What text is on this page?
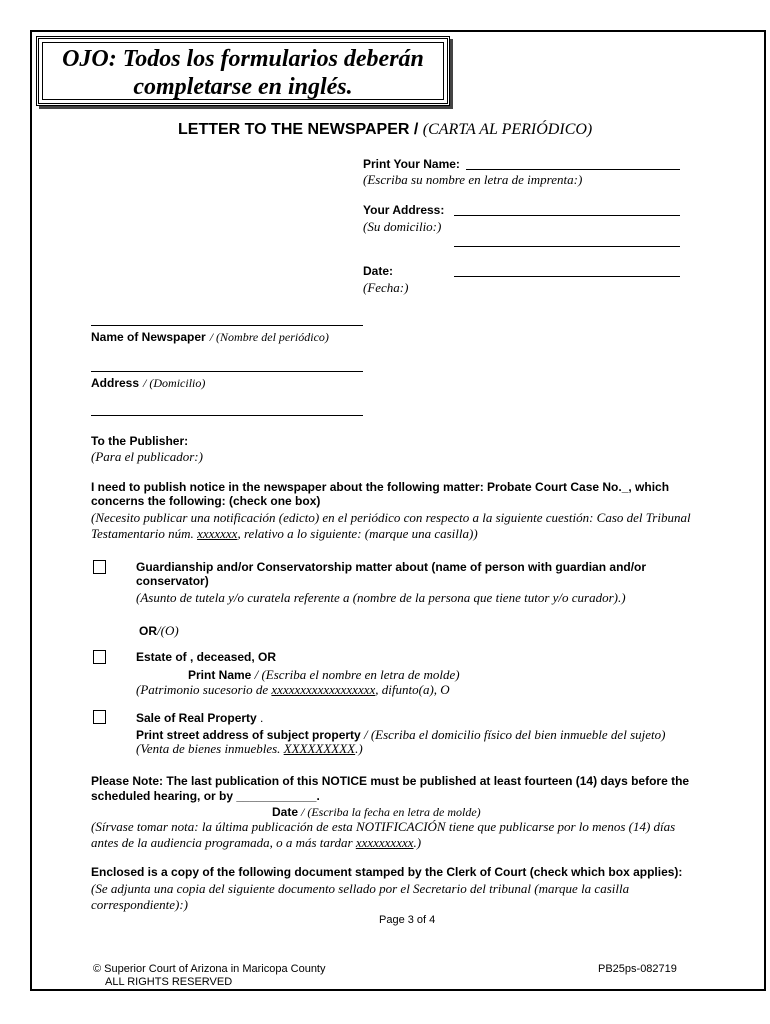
OJO: Todos los formularios deberán
completarse en inglés.
LETTER TO THE NEWSPAPER / (CARTA AL PERIÓDICO)
Print Your Name:
(Escriba su nombre en letra de imprenta:)
Your Address:
(Su domicilio:)
Date:
(Fecha:)
Name of Newspaper / (Nombre del periódico)
Address / (Domicilio)
To the Publisher:
(Para el publicador:)
I need to publish notice in the newspaper about the following matter: Probate Court Case No._, which
concerns the following: (check one box)
(Necesito publicar una notificación (edicto) en el periódico con respecto a la siguiente cuestión: Caso del Tribunal
Testamentario núm. xxxxxxx, relativo a lo siguiente: (marque una casilla))
Guardianship and/or Conservatorship matter about (name of person with guardian and/or
conservator)
(Asunto de tutela y/o curatela referente a (nombre de la persona que tiene tutor y/o curador).)
OR/(O)
Estate of , deceased, OR
Print Name / (Escriba el nombre en letra de molde)
(Patrimonio sucesorio de xxxxxxxxxxxxxxxxxx, difunto(a), O
Sale of Real Property .
Print street address of subject property / (Escriba el domicilio físico del bien inmueble del sujeto)
(Venta de bienes inmuebles. XXXXXXXXX.)
Please Note: The last publication of this NOTICE must be published at least fourteen (14) days before the
scheduled hearing, or by ____________.
Date / (Escriba la fecha en letra de molde)
(Sírvase tomar nota: la última publicación de esta NOTIFICACIÓN tiene que publicarse por lo menos (14) días
antes de la audiencia programada, o a más tardar xxxxxxxxxx.)
Enclosed is a copy of the following document stamped by the Clerk of Court (check which box applies):
(Se adjunta una copia del siguiente documento sellado por el Secretario del tribunal (marque la casilla
correspondiente):)
Page 3 of 4
© Superior Court of Arizona in Maricopa County
ALL RIGHTS RESERVED
PB25ps-082719
